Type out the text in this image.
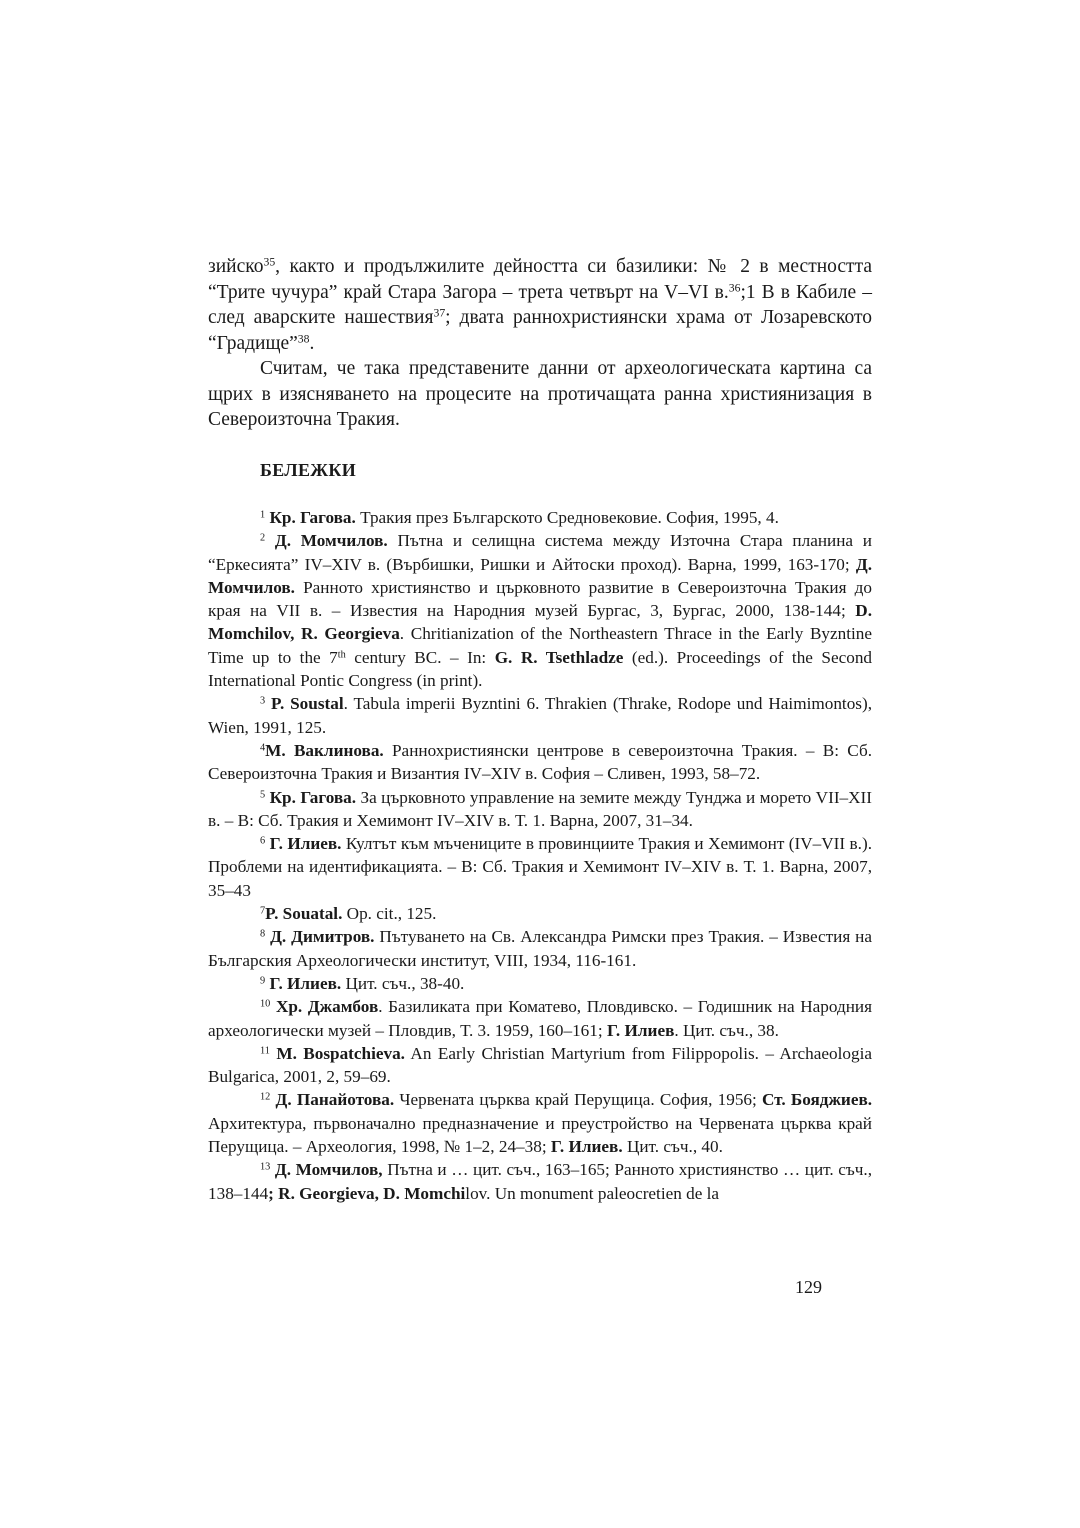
зийско$^{35}$, както и продължилите дейността си базилики: № 2 в местността “Трите чучура” край Стара Загора – трета четвърт на V–VI в.$^{36}$;1 В в Кабиле – след аварските нашествия$^{37}$; двата раннохристиянски храма от Лозаревското “Градище”$^{38}$.

Считам, че така представените данни от археологическата картина са щрих в изясняването на процесите на протичащата ранна християнизация в Североизточна Тракия.

БЕЛЕЖКИ

$^1$ Кр. Гагова. Тракия през Българското Средновековие. София, 1995, 4.

$^2$ Д. Момчилов. Пътна и селищна система между Източна Стара планина и “Еркесията” IV–XIV в. (Върбишки, Ришки и Айтоски проход). Варна, 1999, 163-170; Д. Момчилов. Ранното християнство и църковното развитие в Североизточна Тракия до края на VII в. – Известия на Народния музей Бургас, 3, Бургас, 2000, 138-144; D. Momchilov, R. Georgieva. Chritianization of the Northeastern Thrace in the Early Byzntine Time up to the 7th century BC. – In: G. R. Tsethladze (ed.). Proceedings of the Second International Pontic Congress (in print).

$^3$ P. Soustal. Tabula imperii Byzntini 6. Thrakien (Thrake, Rodope und Haimimontos), Wien, 1991, 125.

$^4$М. Ваклинова. Раннохристиянски центрове в североизточна Тракия. – В: Сб. Североизточна Тракия и Византия IV–XIV в. София – Сливен, 1993, 58–72.

$^5$ Кр. Гагова. За църковното управление на земите между Тунджа и морето VII–XII в. – В: Сб. Тракия и Хемимонт IV–XIV в. Т. 1. Варна, 2007, 31–34.

$^6$ Г. Илиев. Култът към мъчениците в провинциите Тракия и Хемимонт (IV–VII в.). Проблеми на идентификацията. – В: Сб. Тракия и Хемимонт IV–XIV в. Т. 1. Варна, 2007, 35–43

$^7$P. Souatal. Op. cit., 125.

$^8$ Д. Димитров. Пътуването на Св. Александра Римски през Тракия. – Известия на Българския Археологически институт, VIII, 1934, 116-161.

$^9$ Г. Илиев. Цит. съч., 38-40.

$^{10}$ Хр. Джамбов. Базиликата при Коматево, Пловдивско. – Годишник на Народния археологически музей – Пловдив, Т. 3. 1959, 160–161; Г. Илиев. Цит. съч., 38.

$^{11}$ M. Bospatchieva. An Early Christian Martyrium from Filippopolis. – Archaeologia Bulgarica, 2001, 2, 59–69.

$^{12}$ Д. Панайотова. Червената църква край Перущица. София, 1956; Ст. Бояджиев. Архитектура, първоначално предназначение и преустройство на Червената църква край Перущица. – Археология, 1998, № 1–2, 24–38; Г. Илиев. Цит. съч., 40.

$^{13}$ Д. Момчилов, Пътна и … цит. съч., 163–165; Ранното християнство … цит. съч., 138–144; R. Georgieva, D. Momchilov. Un monument paleocretien de la

129
